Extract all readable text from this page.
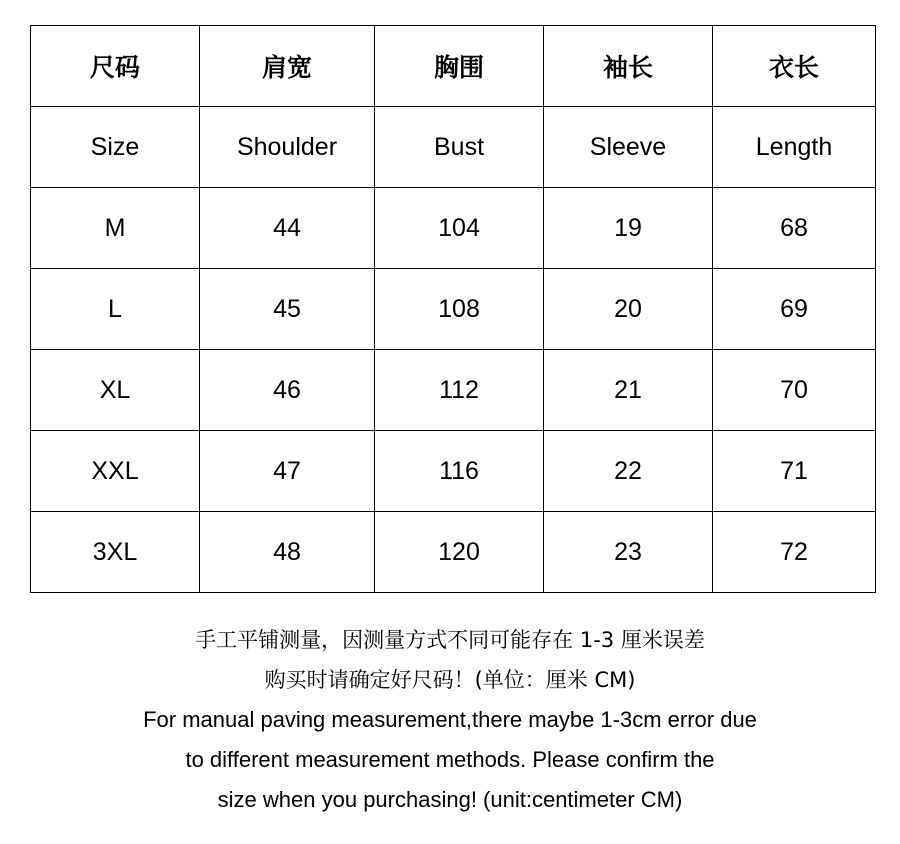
尺码	肩宽	胸围	袖长	衣长
Size	Shoulder	Bust	Sleeve	Length
M	44	104	19	68
L	45	108	20	69
XL	46	112	21	70
XXL	47	116	22	71
3XL	48	120	23	72
手工平铺测量，因测量方式不同可能存在 1-3 厘米误差
购买时请确定好尺码！(单位：厘米 CM)
For manual paving measurement,there maybe 1-3cm error due
to different measurement methods. Please confirm the
size when you purchasing! (unit:centimeter CM)
